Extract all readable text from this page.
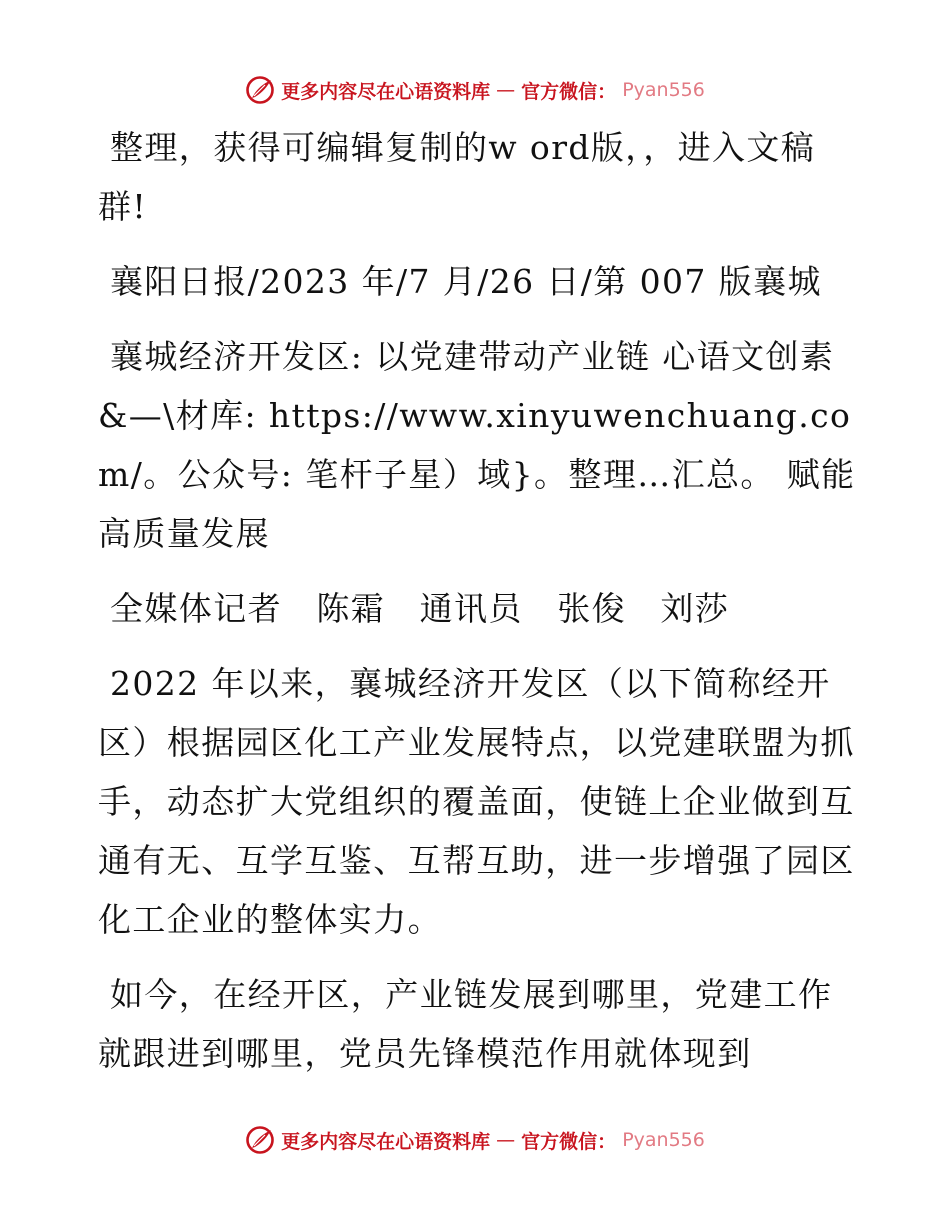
更多内容尽在心语资料库 — 官方微信： Pyan556

整理，获得可编辑复制的w ord版，，进入文稿群!

襄阳日报/2023 年/7 月/26 日/第 007 版襄城

襄城经济开发区: 以党建带动产业链 心语文创素&—\材库: https://www.xinyuwenchuang.com/。公众号: 笔杆子星）域}。整理…汇总。 赋能高质量发展

全媒体记者　陈霜　通讯员　张俊　刘莎

2022 年以来，襄城经济开发区（以下简称经开区）根据园区化工产业发展特点，以党建联盟为抓手，动态扩大党组织的覆盖面，使链上企业做到互通有无、互学互鉴、互帮互助，进一步增强了园区化工企业的整体实力。

如今，在经开区，产业链发展到哪里，党建工作就跟进到哪里，党员先锋模范作用就体现到

更多内容尽在心语资料库 — 官方微信： Pyan556
